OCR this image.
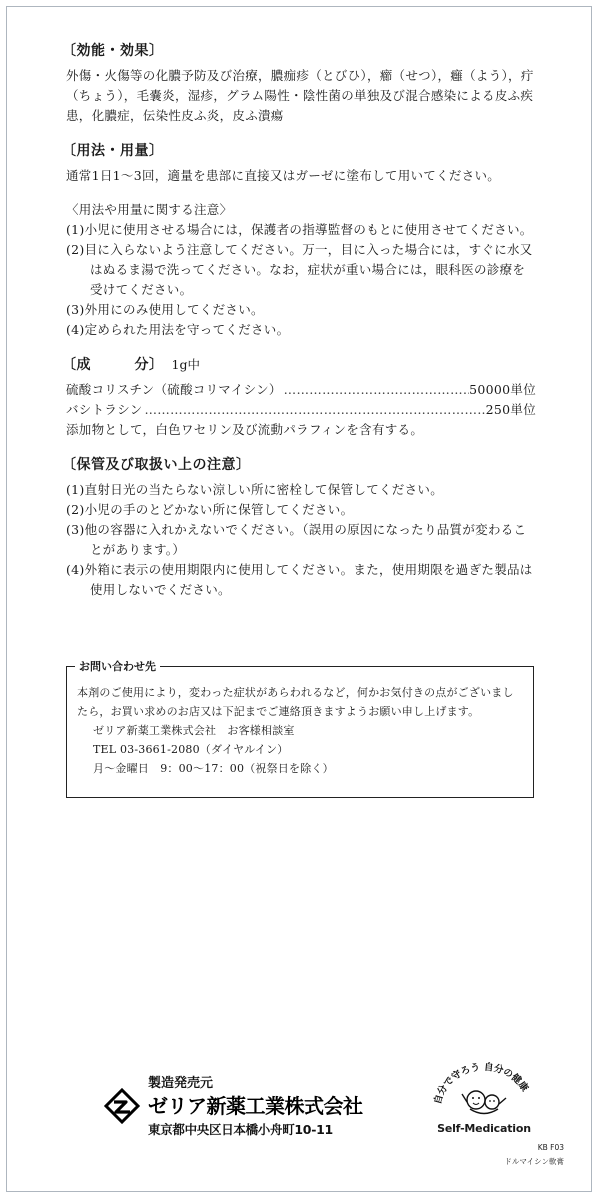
〔効能・効果〕

外傷・火傷等の化膿予防及び治療，膿痂疹（とびひ），癤（せつ），癰（よう），疔（ちょう），毛嚢炎，湿疹，グラム陽性・陰性菌の単独及び混合感染による皮ふ疾患，化膿症，伝染性皮ふ炎，皮ふ潰瘍

〔用法・用量〕

通常1日1～3回，適量を患部に直接又はガーゼに塗布して用いてください。

〈用法や用量に関する注意〉

(1)小児に使用させる場合には，保護者の指導監督のもとに使用させてください。

(2)目に入らないよう注意してください。万一，目に入った場合には，すぐに水又はぬるま湯で洗ってください。なお，症状が重い場合には，眼科医の診療を受けてください。

(3)外用にのみ使用してください。

(4)定められた用法を守ってください。

〔成　　　分〕 1g中
硫酸コリスチン（硫酸コリマイシン） ……………………………………………………………………………………	50000単位
バシトラシン ……………………………………………………………………………………	250単位

添加物として，白色ワセリン及び流動パラフィンを含有する。

〔保管及び取扱い上の注意〕

(1)直射日光の当たらない涼しい所に密栓して保管してください。

(2)小児の手のとどかない所に保管してください。

(3)他の容器に入れかえないでください。（誤用の原因になったり品質が変わることがあります。）

(4)外箱に表示の使用期限内に使用してください。また，使用期限を過ぎた製品は使用しないでください。

お問い合わせ先

本剤のご使用により，変わった症状があらわれるなど，何かお気付きの点がございましたら，お買い求めのお店又は下記までご連絡頂きますようお願い申し上げます。

ゼリア新薬工業株式会社　お客様相談室

TEL 03-3661-2080（ダイヤルイン）

月～金曜日　9：00～17：00（祝祭日を除く）

製造発売元
ゼリア新薬工業株式会社
東京都中央区日本橋小舟町10-11
自分で守ろう 自分の健康
Self-Medication
KB F03
ドルマイシン軟膏
